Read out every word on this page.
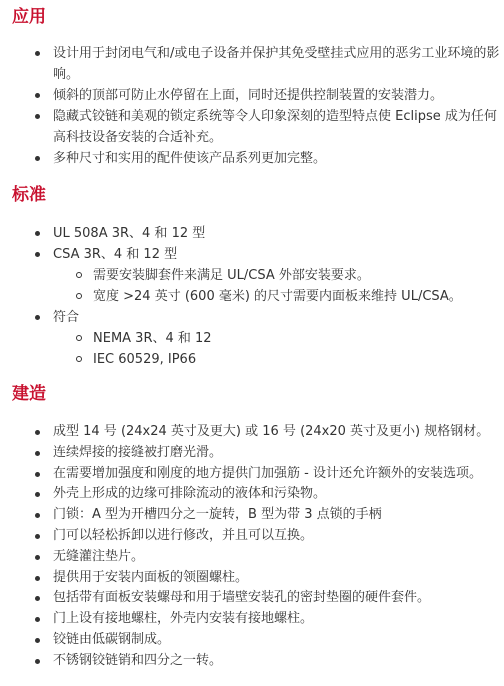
应用
设计用于封闭电气和/或电子设备并保护其免受壁挂式应用的恶劣工业环境的影响。
倾斜的顶部可防止水停留在上面，同时还提供控制装置的安装潜力。
隐藏式铰链和美观的锁定系统等令人印象深刻的造型特点使 Eclipse 成为任何高科技设备安装的合适补充。
多种尺寸和实用的配件使该产品系列更加完整。
标准
UL 508A 3R、4 和 12 型
CSA 3R、4 和 12 型
需要安装脚套件来满足 UL/CSA 外部安装要求。
宽度 >24 英寸 (600 毫米) 的尺寸需要内面板来维持 UL/CSA。
符合
NEMA 3R、4 和 12
IEC 60529, IP66
建造
成型 14 号 (24x24 英寸及更大) 或 16 号 (24x20 英寸及更小) 规格钢材。
连续焊接的接缝被打磨光滑。
在需要增加强度和刚度的地方提供门加强筋 - 设计还允许额外的安装选项。
外壳上形成的边缘可排除流动的液体和污染物。
门锁：A 型为开槽四分之一旋转，B 型为带 3 点锁的手柄
门可以轻松拆卸以进行修改，并且可以互换。
无缝灌注垫片。
提供用于安装内面板的领圈螺柱。
包括带有面板安装螺母和用于墙壁安装孔的密封垫圈的硬件套件。
门上设有接地螺柱，外壳内安装有接地螺柱。
铰链由低碳钢制成。
不锈钢铰链销和四分之一转。
